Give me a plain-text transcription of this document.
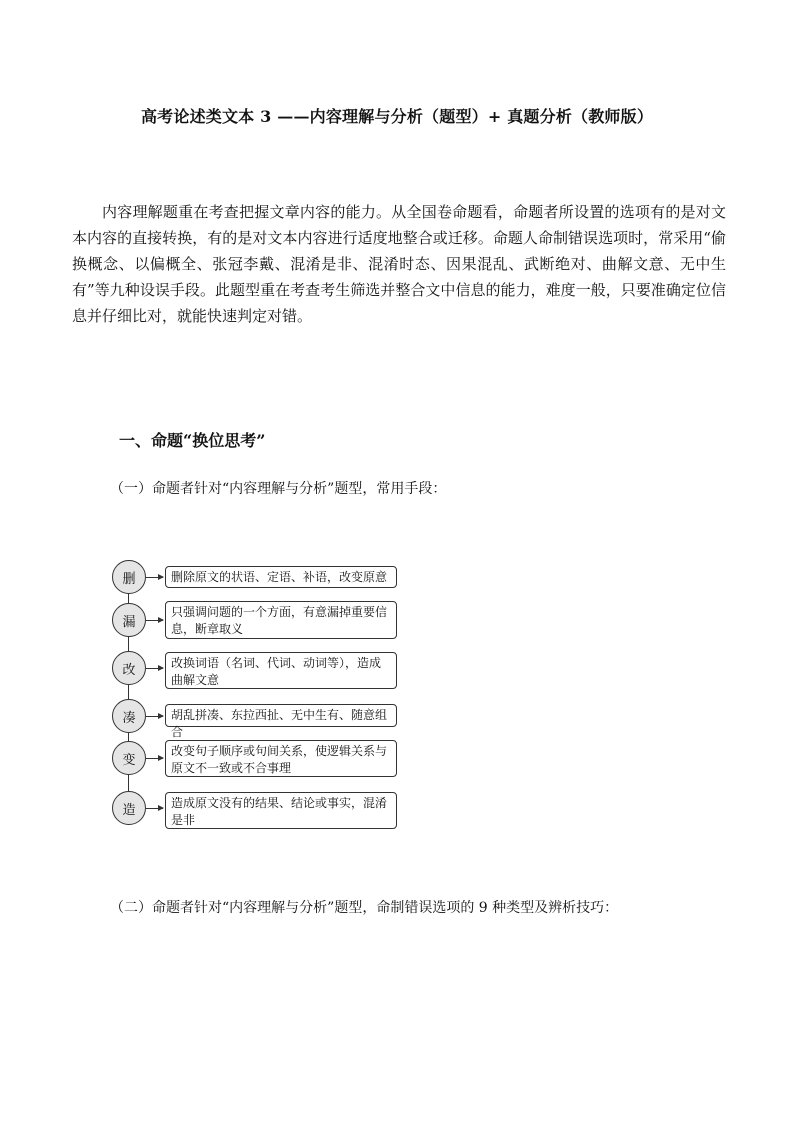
高考论述类文本 3 ——内容理解与分析（题型）+ 真题分析（教师版）

内容理解题重在考查把握文章内容的能力。从全国卷命题看，命题者所设置的选项有的是对文本内容的直接转换，有的是对文本内容进行适度地整合或迁移。命题人命制错误选项时，常采用“偷换概念、以偏概全、张冠李戴、混淆是非、混淆时态、因果混乱、武断绝对、曲解文意、无中生有”等九种设误手段。此题型重在考查考生筛选并整合文中信息的能力，难度一般，只要准确定位信息并仔细比对，就能快速判定对错。

一、命题“换位思考”
（一）命题者针对“内容理解与分析”题型，常用手段：
删	删除原文的状语、定语、补语，改变原意
漏
只强调问题的一个方面，有意漏掉重要信息，断章取义
改	改换词语（名词、代词、动词等），造成曲解文意
凑	胡乱拼凑、东拉西扯、无中生有、随意组合
变
改变句子顺序或句间关系，使逻辑关系与原文不一致或不合事理
造	造成原文没有的结果、结论或事实，混淆是非
（二）命题者针对“内容理解与分析”题型，命制错误选项的 9 种类型及辨析技巧：
